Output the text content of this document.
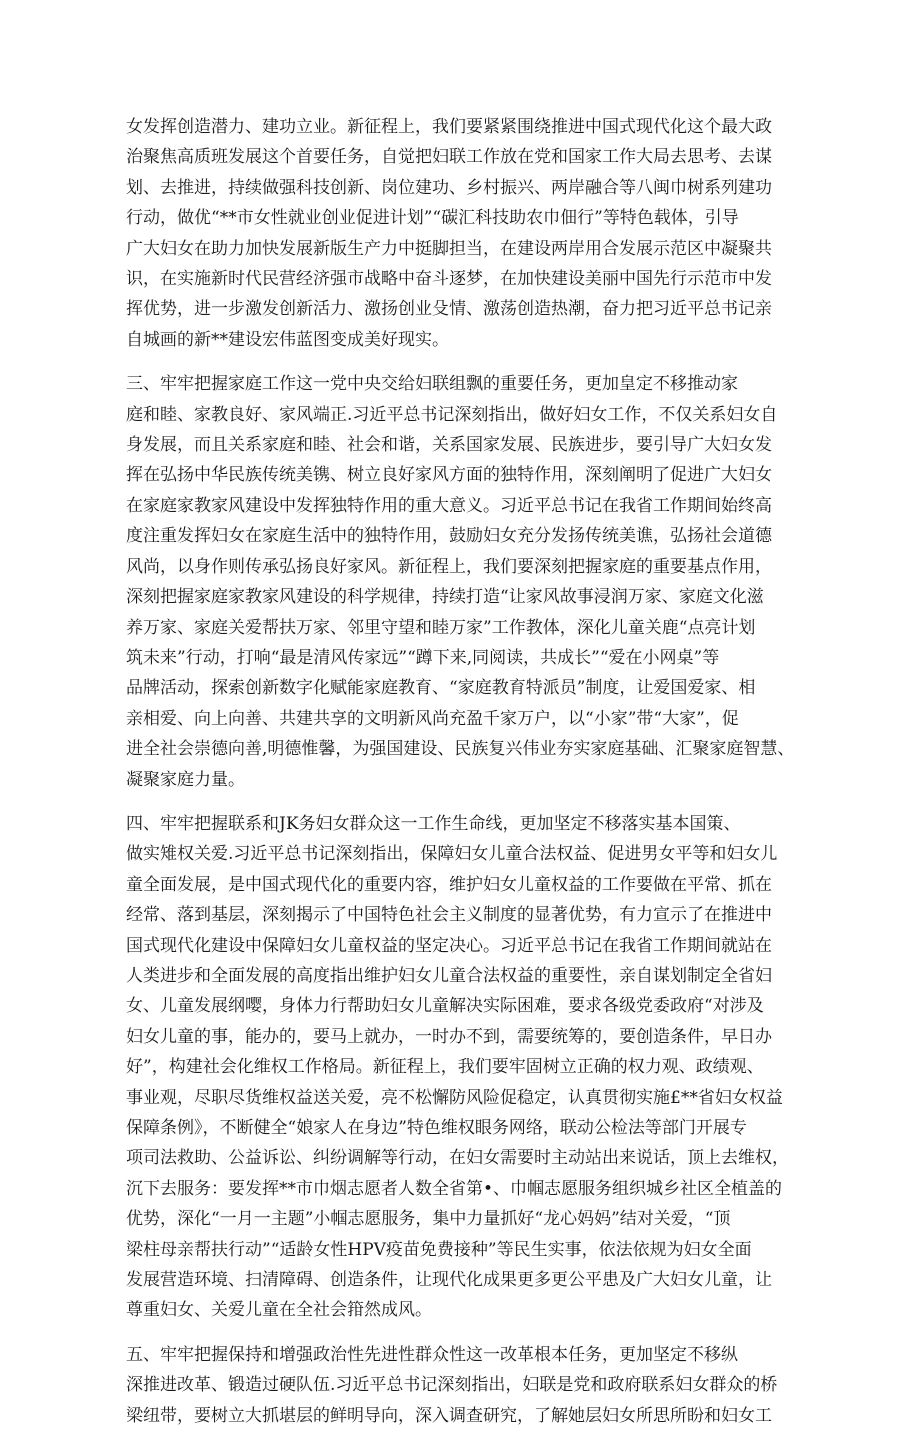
女发挥创造潜力、建功立业。新征程上，我们要紧紧围绕推进中国式现代化这个最大政
治聚焦高质班发展这个首要任务，自觉把妇联工作放在党和国家工作大局去思考、去谋
划、去推进，持续做强科技创新、岗位建功、乡村振兴、两岸融合等八闽巾树系列建功
行动，做优“**市女性就业创业促进计划”“碳汇科技助农巾佃行”等特色载体，引导
广大妇女在助力加快发展新版生产力中挺脚担当，在建设两岸用合发展示范区中凝聚共
识，在实施新时代民营经济强市战略中奋斗逐梦，在加快建设美丽中国先行示范市中发
挥优势，进一步激发创新活力、激扬创业殳情、激荡创造热潮，奋力把习近平总书记亲
自城画的新**建设宏伟蓝图变成美好现实。

三、牢牢把握家庭工作这一党中央交给妇联组飘的重要任务，更加皇定不移推动家
庭和睦、家教良好、家风端正.习近平总书记深刻指出，做好妇女工作，不仅关系妇女自
身发展，而且关系家庭和睦、社会和谐，关系国家发展、民族进步，要引导广大妇女发
挥在弘扬中华民族传统美镌、树立良好家风方面的独特作用，深刻阐明了促进广大妇女
在家庭家教家风建设中发挥独特作用的重大意义。习近平总书记在我省工作期间始终高
度注重发挥妇女在家庭生活中的独特作用，鼓励妇女充分发扬传统美谯，弘扬社会道德
风尚，以身作则传承弘扬良好家风。新征程上，我们要深刻把握家庭的重要基点作用，
深刻把握家庭家教家风建设的科学规律，持续打造“让家风故事浸润万家、家庭文化滋
养万家、家庭关爱帮扶万家、邻里守望和睦万家”工作教体，深化儿童关鹿“点亮计划
筑未来”行动，打响“最是清风传家远”“蹲下来,同阅读，共成长”“爱在小网桌”等
品牌活动，探索创新数字化赋能家庭教育、“家庭教育特派员”制度，让爱国爱家、相
亲相爱、向上向善、共建共享的文明新风尚充盈千家万户，以“小家”带“大家”，促
进全社会崇德向善,明德惟馨，为强国建设、民族复兴伟业夯实家庭基础、汇聚家庭智慧、
凝聚家庭力量。

四、牢牢把握联系和JK务妇女群众这一工作生命线，更加坚定不移落实基本国策、
做实雉权关爱.习近平总书记深刻指出，保障妇女儿童合法权益、促进男女平等和妇女儿
童全面发展，是中国式现代化的重要内容，维护妇女儿童权益的工作要做在平常、抓在
经常、落到基层，深刻揭示了中国特色社会主义制度的显著优势，有力宣示了在推进中
国式现代化建设中保障妇女儿童权益的坚定决心。习近平总书记在我省工作期间就站在
人类进步和全面发展的高度指出维护妇女儿童合法权益的重要性，亲自谋划制定全省妇
女、儿童发展纲嘤，身体力行帮助妇女儿童解决实际困难，要求各级党委政府“对涉及
妇女儿童的事，能办的，要马上就办，一时办不到，需要统筹的，要创造条件，早日办
好”，构建社会化维权工作格局。新征程上，我们要牢固树立正确的权力观、政绩观、
事业观，尽职尽货维权益送关爱，亮不松懈防风险促稳定，认真贯彻实施£**省妇女权益
保障条例》，不断健全“娘家人在身边”特色维权眼务网络，联动公检法等部门开展专
项司法救助、公益诉讼、纠纷调解等行动，在妇女需要时主动站出来说话，顶上去维权，
沉下去服务：要发挥**市巾烟志愿者人数全省第•、巾帼志愿服务组织城乡社区全植盖的
优势，深化“一月一主题”小帼志愿服务，集中力量抓好“龙心妈妈”结对关爱，“顶
梁柱母亲帮扶行动”“适龄女性HPV疫苗免费接种”等民生实事，依法依规为妇女全面
发展营造环境、扫清障碍、创造条件，让现代化成果更多更公平患及广大妇女儿童，让
尊重妇女、关爱儿童在全社会箝然成风。

五、牢牢把握保持和增强政治性先进性群众性这一改革根本任务，更加坚定不移纵
深推进改革、锻造过硬队伍.习近平总书记深刻指出，妇联是党和政府联系妇女群众的桥
梁纽带，要树立大抓堪层的鲜明导向，深入调查研究，了解她层妇女所思所盼和妇女工
